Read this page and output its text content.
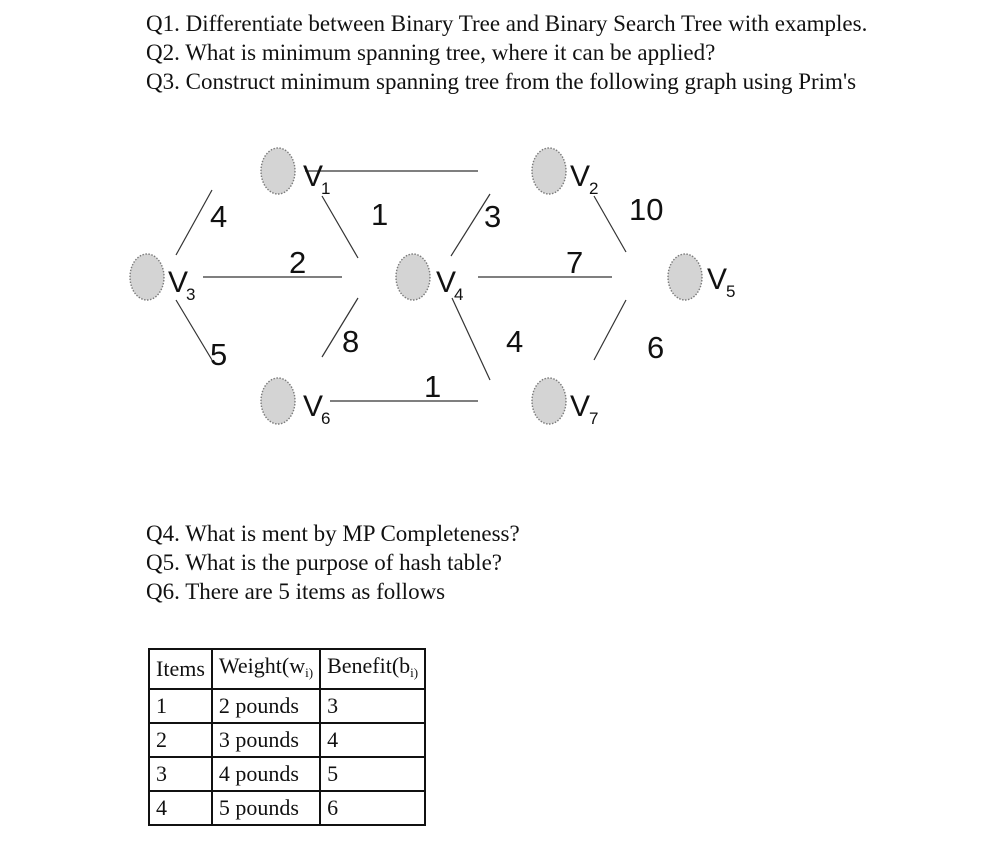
Q1. Differentiate between Binary Tree and Binary Search Tree with examples.
Q2. What is minimum spanning tree, where it can be applied?
Q3. Construct minimum spanning tree from the following graph using Prim's
V1	V2
V3	V4	V5
V6	V7
4	1	3	10
2	7
5	8
1
4	6
Q4. What is ment by MP Completeness?
Q5. What is the purpose of hash table?
Q6. There are 5 items as follows
Items	Weight(wi)	Benefit(bi)
1	2 pounds	3
2	3 pounds	4
3	4 pounds	5
4	5 pounds	6
